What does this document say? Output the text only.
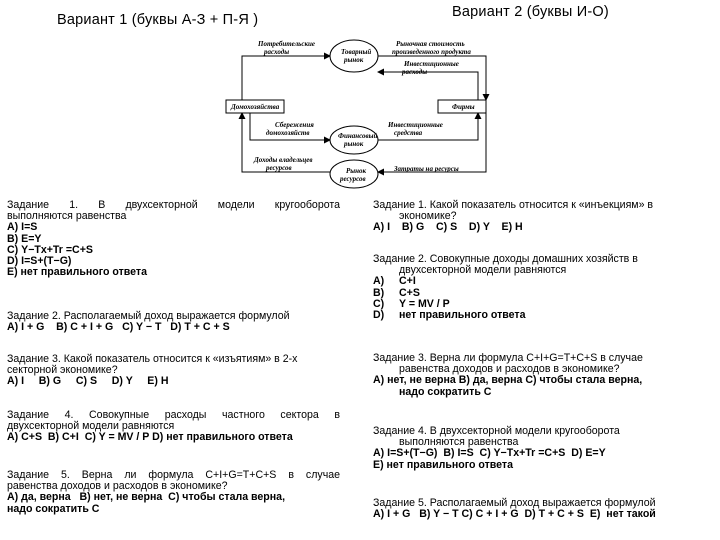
Вариант 1 (буквы А-З + П-Я )	Вариант 2 (буквы И-О)
Потребительские расходы	Товарный рынок
Рыночная стоимость произведенного продукта
Инвестиционные расходы
Домохозяйства	Фирмы
Сбережения домохозяйств	Финансовый рынок
Инвестиционные средства
Доходы владельцев ресурсов	Рынок ресурсов
Затраты на ресурсы
Задание 1. В двухсекторной модели кругооборота
выполняются равенства
А) I=S
В) E=Y
С) Y−Tx+Tr =C+S
D) I=S+(T−G)
Е) нет правильного ответа
Задание 2. Располагаемый доход выражается формулой
А) I + G    B) C + I + G   C) Y − T   D) T + C + S
Задание 3. Какой показатель относится к «изъятиям» в 2-х
секторной экономике?
А) I     B) G     C) S     D) Y     E) H
Задание 4. Совокупные расходы частного сектора в
двухсекторной модели равняются
А) C+S  B) C+I  C) Y = MV / P D) нет правильного ответа
Задание 5. Верна ли формула C+I+G=T+C+S в случае
равенства доходов и расходов в экономике?
А) да, верна   В) нет, не верна  С) чтобы стала верна,
надо сократить С
Задание 1. Какой показатель относится к «инъекциям» в
экономике?
А) I    B) G    C) S    D) Y    E) H
Задание 2. Совокупные доходы домашних хозяйств в
двухсекторной модели равняются
А)	C+I
B)	C+S
C)	Y = MV / P
D)	нет правильного ответа
Задание 3. Верна ли формула C+I+G=T+C+S в случае
равенства доходов и расходов в экономике?
А) нет, не верна В) да, верна С) чтобы стала верна,
надо сократить С
Задание 4. В двухсекторной модели кругооборота
выполняются равенства
A) I=S+(T−G)  B) I=S  C) Y−Tx+Tr =C+S  D) E=Y
E) нет правильного ответа
Задание 5. Располагаемый доход выражается формулой
А) I + G   B) Y − T C) C + I + G  D) T + C + S  E)  нет такой
